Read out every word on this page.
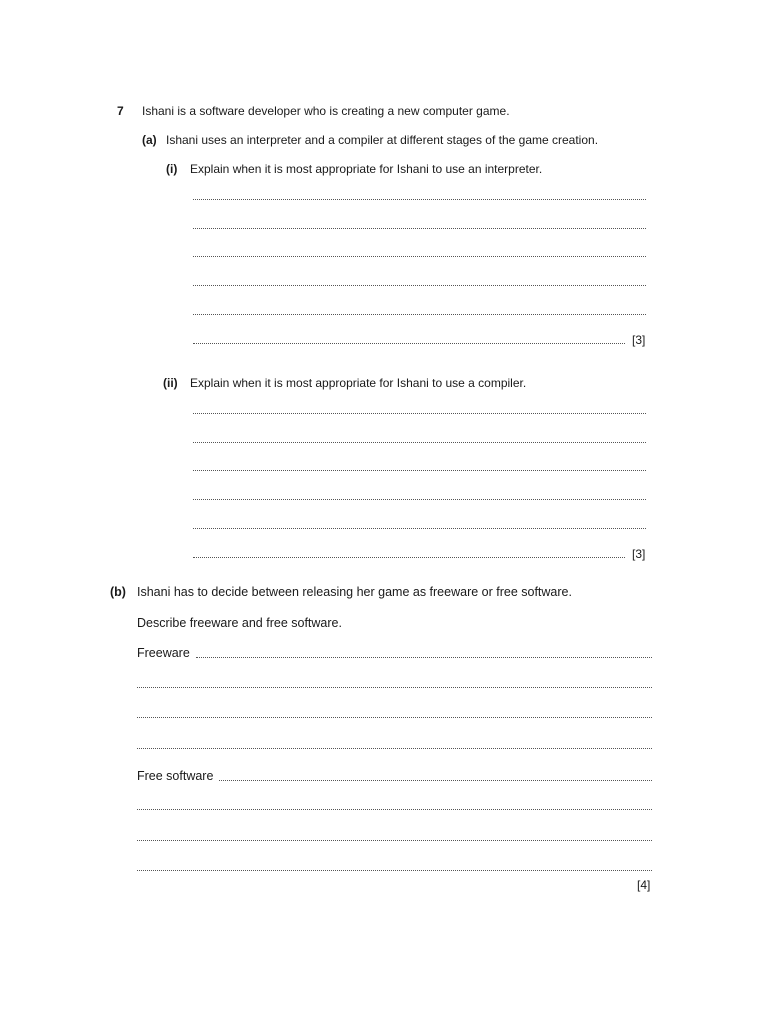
7 Ishani is a software developer who is creating a new computer game.
(a) Ishani uses an interpreter and a compiler at different stages of the game creation.
(i) Explain when it is most appropriate for Ishani to use an interpreter.
[3]
(ii) Explain when it is most appropriate for Ishani to use a compiler.
[3]
(b) Ishani has to decide between releasing her game as freeware or free software.
Describe freeware and free software.
Freeware
Free software
[4]
